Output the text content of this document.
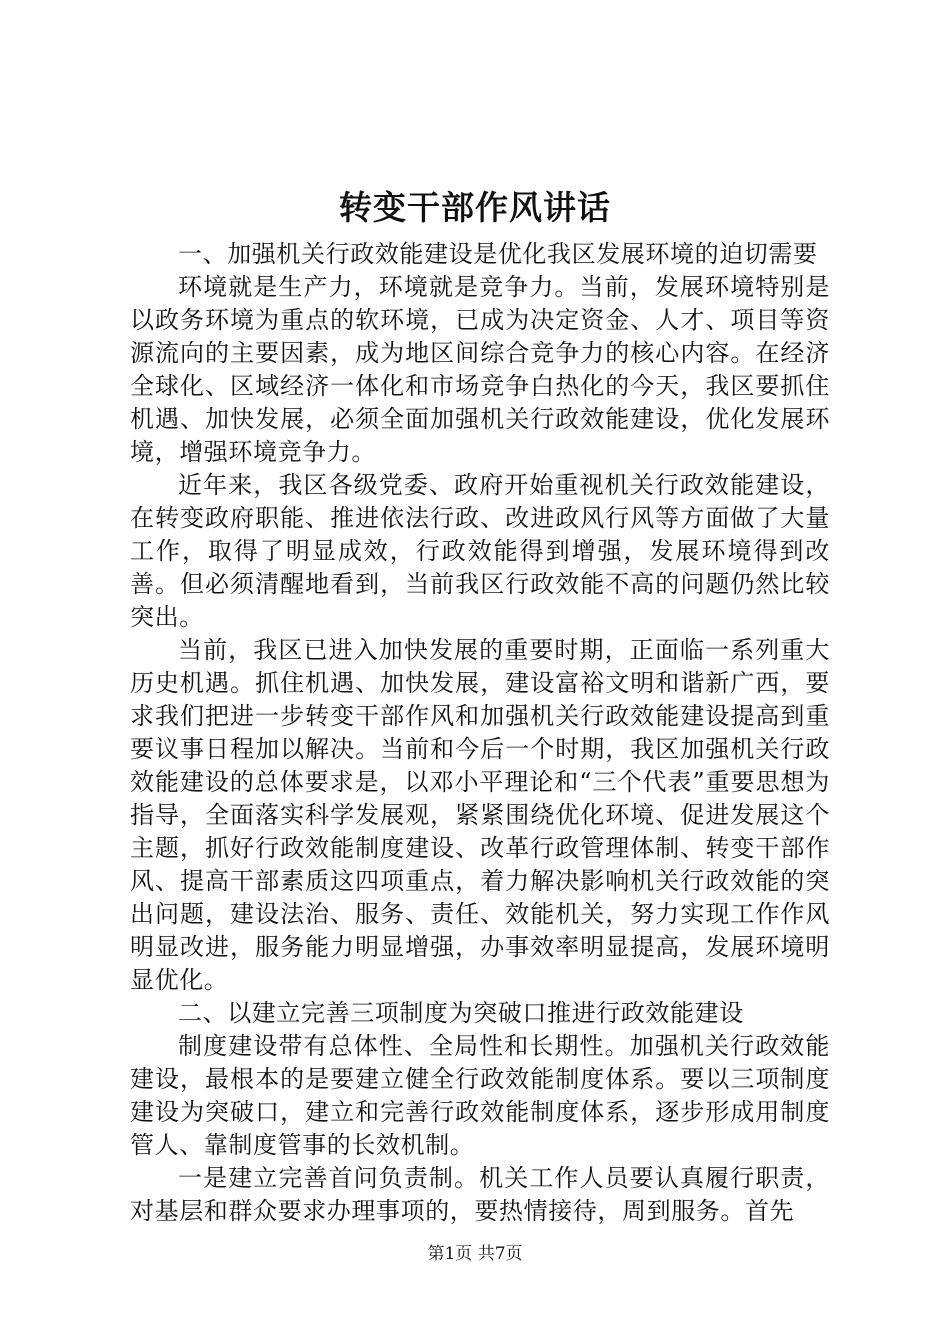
转变干部作风讲话

一、加强机关行政效能建设是优化我区发展环境的迫切需要

环境就是生产力，环境就是竞争力。当前，发展环境特别是以政务环境为重点的软环境，已成为决定资金、人才、项目等资源流向的主要因素，成为地区间综合竞争力的核心内容。在经济全球化、区域经济一体化和市场竞争白热化的今天，我区要抓住机遇、加快发展，必须全面加强机关行政效能建设，优化发展环境，增强环境竞争力。

近年来，我区各级党委、政府开始重视机关行政效能建设，在转变政府职能、推进依法行政、改进政风行风等方面做了大量工作，取得了明显成效，行政效能得到增强，发展环境得到改善。但必须清醒地看到，当前我区行政效能不高的问题仍然比较突出。

当前，我区已进入加快发展的重要时期，正面临一系列重大历史机遇。抓住机遇、加快发展，建设富裕文明和谐新广西，要求我们把进一步转变干部作风和加强机关行政效能建设提高到重要议事日程加以解决。当前和今后一个时期，我区加强机关行政效能建设的总体要求是，以邓小平理论和“三个代表”重要思想为指导，全面落实科学发展观，紧紧围绕优化环境、促进发展这个主题，抓好行政效能制度建设、改革行政管理体制、转变干部作风、提高干部素质这四项重点，着力解决影响机关行政效能的突出问题，建设法治、服务、责任、效能机关，努力实现工作作风明显改进，服务能力明显增强，办事效率明显提高，发展环境明显优化。

二、以建立完善三项制度为突破口推进行政效能建设

制度建设带有总体性、全局性和长期性。加强机关行政效能建设，最根本的是要建立健全行政效能制度体系。要以三项制度建设为突破口，建立和完善行政效能制度体系，逐步形成用制度管人、靠制度管事的长效机制。

一是建立完善首问负责制。机关工作人员要认真履行职责，对基层和群众要求办理事项的，要热情接待，周到服务。首先

第1页 共7页
